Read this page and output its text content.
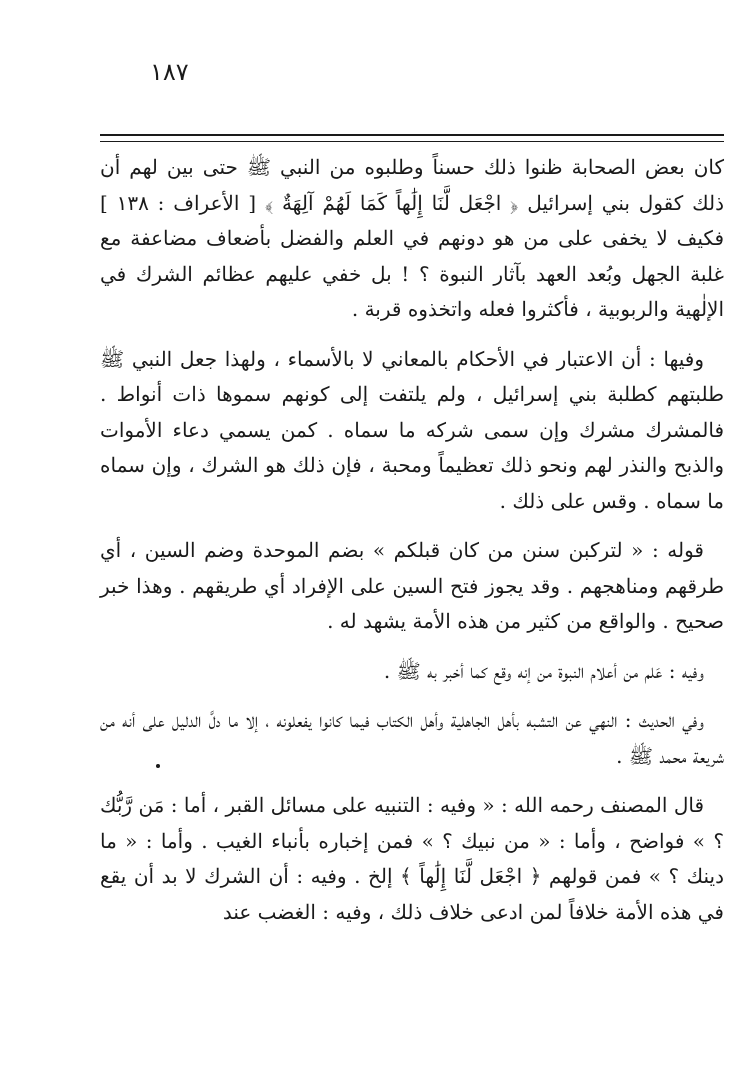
١٨٧

كان بعض الصحابة ظنوا ذلك حسناً وطلبوه من النبي ﷺ حتى بين لهم أن ذلك كقول بني إسرائيل ﴿ اجْعَل لَّنَا إِلَٰهاً كَمَا لَهُمْ آلِهَةٌ ﴾ [ الأعراف : ١٣٨ ] فكيف لا يخفى على من هو دونهم في العلم والفضل بأضعاف مضاعفة مع غلبة الجهل وبُعد العهد بآثار النبوة ؟ ! بل خفي عليهم عظائم الشرك في الإلٰهية والربوبية ، فأكثروا فعله واتخذوه قربة .

وفيها : أن الاعتبار في الأحكام بالمعاني لا بالأسماء ، ولهذا جعل النبي ﷺ طلبتهم كطلبة بني إسرائيل ، ولم يلتفت إلى كونهم سموها ذات أنواط . فالمشرك مشرك وإن سمى شركه ما سماه . كمن يسمي دعاء الأموات والذبح والنذر لهم ونحو ذلك تعظيماً ومحبة ، فإن ذلك هو الشرك ، وإن سماه ما سماه . وقس على ذلك .

قوله : « لتركبن سنن من كان قبلكم » بضم الموحدة وضم السين ، أي طرقهم ومناهجهم . وقد يجوز فتح السين على الإفراد أي طريقهم . وهذا خبر صحيح . والواقع من كثير من هذه الأمة يشهد له .

وفيه : عَلم من أعلام النبوة من إنه وقع كما أخبر به ﷺ .

وفي الحديث : النهي عن التشبه بأهل الجاهلية وأهل الكتاب فيما كانوا يفعلونه ، إلا ما دلَّ الدليل على أنه من شريعة محمد ﷺ .

قال المصنف رحمه الله : « وفيه : التنبيه على مسائل القبر ، أما : مَن رَّبُّك ؟ » فواضح ، وأما : « من نبيك ؟ » فمن إخباره بأنباء الغيب . وأما : « ما دينك ؟ » فمن قولهم ﴿ اجْعَل لَّنَا إِلَٰهاً ﴾ إلخ . وفيه : أن الشرك لا بد أن يقع في هذه الأمة خلافاً لمن ادعى خلاف ذلك ، وفيه : الغضب عند
